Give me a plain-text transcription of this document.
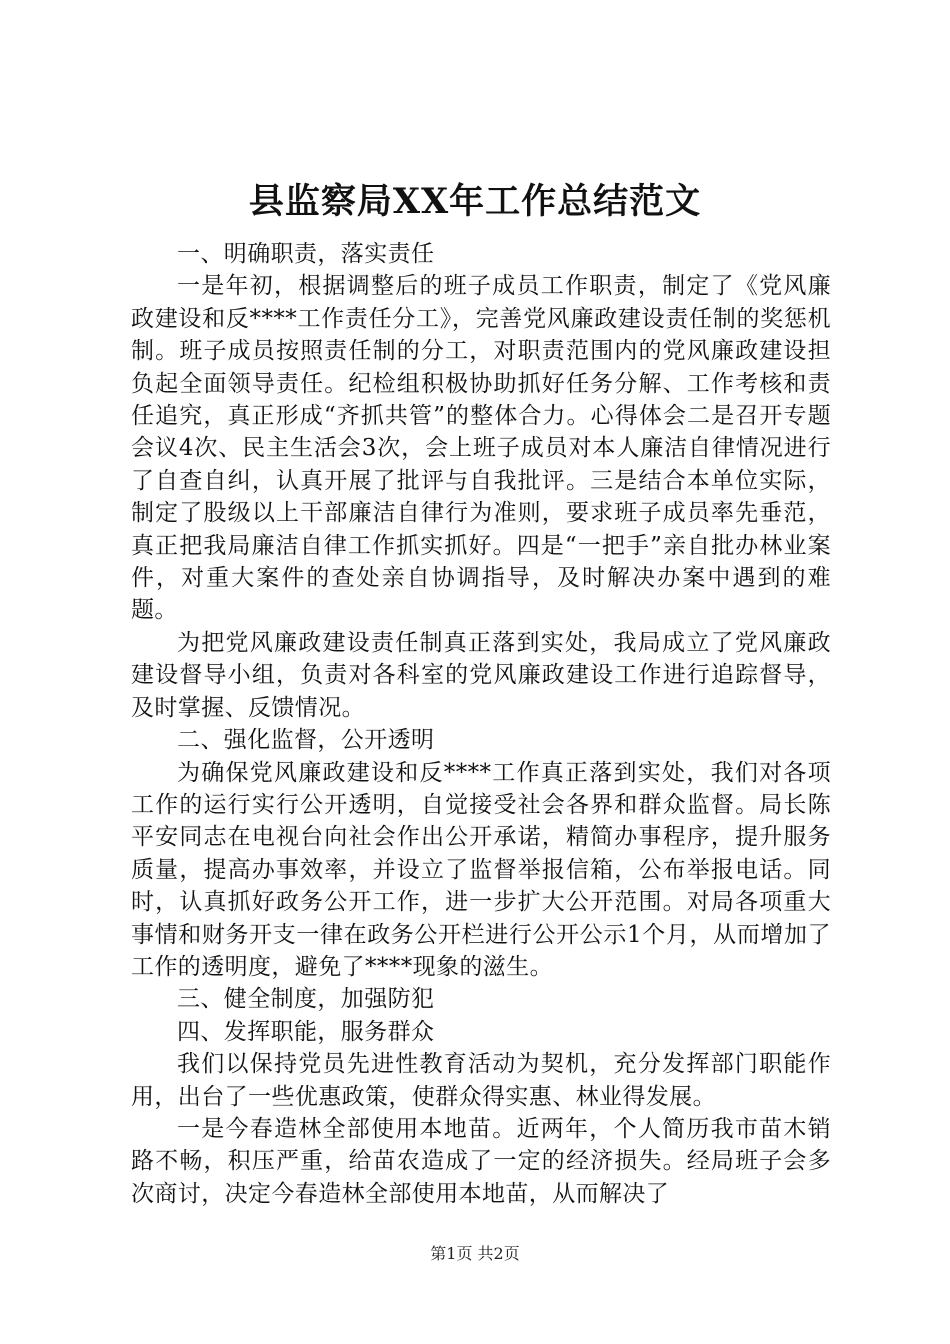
县监察局XX年工作总结范文

一、明确职责，落实责任

一是年初，根据调整后的班子成员工作职责，制定了《党风廉政建设和反****工作责任分工》，完善党风廉政建设责任制的奖惩机制。班子成员按照责任制的分工，对职责范围内的党风廉政建设担负起全面领导责任。纪检组积极协助抓好任务分解、工作考核和责任追究，真正形成“齐抓共管”的整体合力。心得体会二是召开专题会议4次、民主生活会3次，会上班子成员对本人廉洁自律情况进行了自查自纠，认真开展了批评与自我批评。三是结合本单位实际，制定了股级以上干部廉洁自律行为准则，要求班子成员率先垂范，真正把我局廉洁自律工作抓实抓好。四是“一把手”亲自批办林业案件，对重大案件的查处亲自协调指导，及时解决办案中遇到的难题。

为把党风廉政建设责任制真正落到实处，我局成立了党风廉政建设督导小组，负责对各科室的党风廉政建设工作进行追踪督导，及时掌握、反馈情况。

二、强化监督，公开透明

为确保党风廉政建设和反****工作真正落到实处，我们对各项工作的运行实行公开透明，自觉接受社会各界和群众监督。局长陈平安同志在电视台向社会作出公开承诺，精简办事程序，提升服务质量，提高办事效率，并设立了监督举报信箱，公布举报电话。同时，认真抓好政务公开工作，进一步扩大公开范围。对局各项重大事情和财务开支一律在政务公开栏进行公开公示1个月，从而增加了工作的透明度，避免了****现象的滋生。

三、健全制度，加强防犯

四、发挥职能，服务群众

我们以保持党员先进性教育活动为契机，充分发挥部门职能作用，出台了一些优惠政策，使群众得实惠、林业得发展。

一是今春造林全部使用本地苗。近两年，个人简历我市苗木销路不畅，积压严重，给苗农造成了一定的经济损失。经局班子会多次商讨，决定今春造林全部使用本地苗，从而解决了

第1页 共2页
